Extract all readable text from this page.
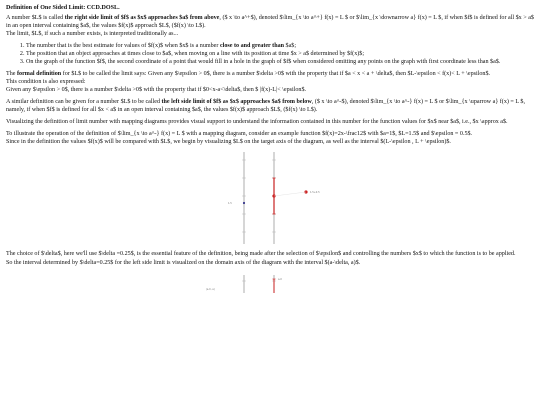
Definition of One Sided Limit: CCD.DOSL.

A number $L$ is called the right side limit of $f$ as $x$ approaches $a$ from above, ($ x \to a^+$), denoted $\lim_{x \to a^+} f(x) = L $ or $\lim_{x \downarrow a} f(x) = L $, if when $f$ is defined for all $x > a$ in an open interval containing $a$, the values $f(x)$ approach $L$, ($f(x) \to L$).
The limit, $L$, if such a number exists, is interpreted traditionally as...

1. The number that is the best estimate for values of $f(x)$ when $x$ is a number close to and greater than $a$;
2. The position that an object approaches at times close to $a$, when moving on a line with its position at time $x > a$ determined by $f(x)$;
3. On the graph of the function $f$, the second coordinate of a point that would fill in a hole in the graph of $f$ when considered omitting any points on the graph with first coordinate less than $a$.

The formal definition for $L$ to be called the limit says: Given any $\epsilon > 0$, there is a number $\delta >0$ with the property that if $a < x < a + \delta$, then $L-\epsilon < f(x)< L + \epsilon$.
This condition is also expressed:
Given any $\epsilon > 0$, there is a number $\delta >0$ with the property that if $0<x-a<\delta$, then $ |f(x)-L|< \epsilon$.

A similar definition can be given for a number $L$ to be called the left side limit of $f$ as $x$ approaches $a$ from below, ($ x \to a^-$), denoted $\lim_{x \to a^-} f(x) = L $ or $\lim_{x \uparrow a} f(x) = L $, namely, if when $f$ is defined for all $x < a$ in an open interval containing $a$, the values $f(x)$ approach $L$, ($f(x) \to L$).

Visualizing the definition of limit number with mapping diagrams provides visual support to understand the information contained in this number for the function values for $x$ near $a$, i.e., $x \approx a$.

To illustrate the operation of the definition of $\lim_{x \to a^-} f(x) = L $ with a mapping diagram, consider an example function $f(x)=2x-\frac12$ with $a=1$, $L=1.5$ and $\epsilon = 0.5$.
Since in the definition the values $f(x)$ will be compared with $L$, we begin by visualizing $L$ on the target axis of the diagram, as well as the interval $(L-\epsilon , L + \epsilon)$.

1.5
1.5+0.5

The choice of $\delta$, here we'll use $\delta =0.25$, is the essential feature of the definition, being made after the selection of $\epsilon$ and controlling the numbers $x$ to which the function is to be applied.
So the interval determined by $\delta=0.25$ for the left side limit is visualized on the domain axis of the diagram with the interval $(a-\delta, a)$.

(a-δ, a)
a-δ
